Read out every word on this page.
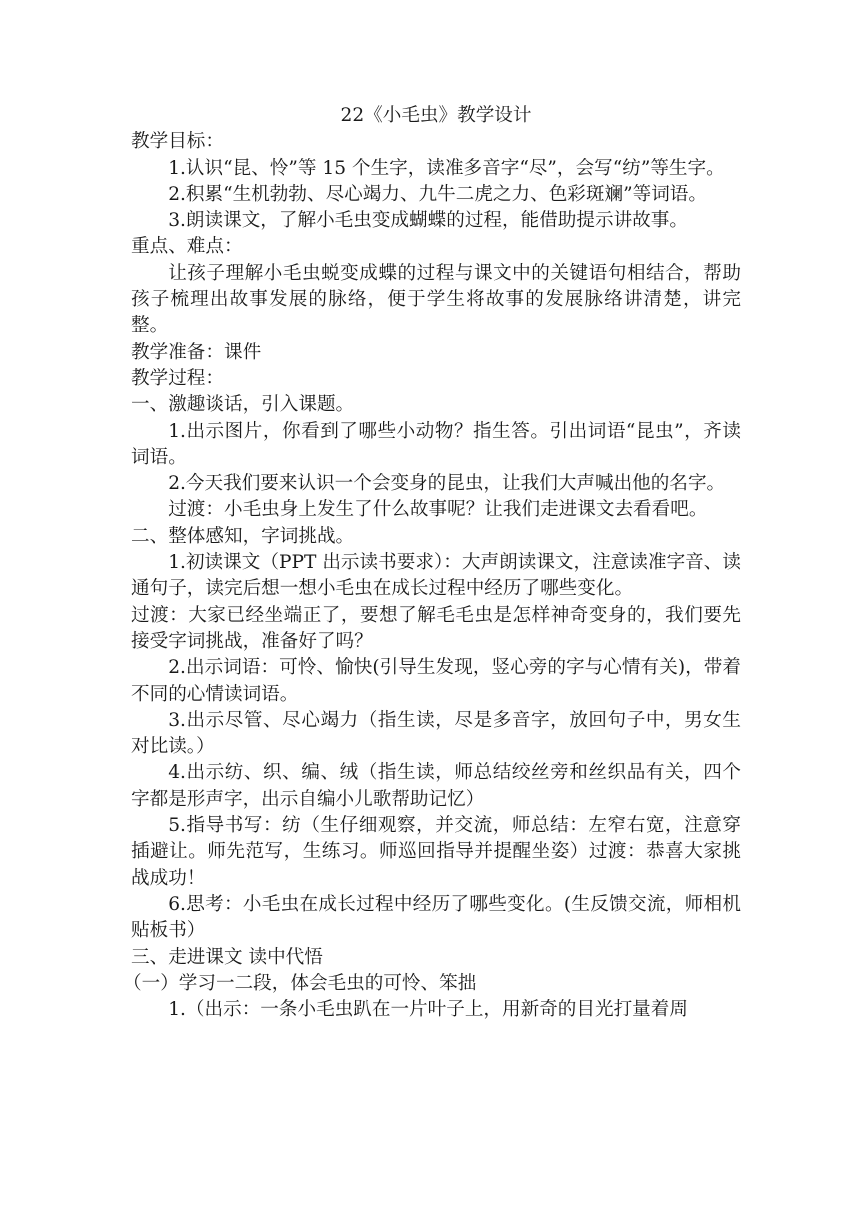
22《小毛虫》教学设计
教学目标：
1.认识“昆、怜”等 15 个生字，读准多音字“尽”，会写“纺”等生字。
2.积累“生机勃勃、尽心竭力、九牛二虎之力、色彩斑斓”等词语。
3.朗读课文，了解小毛虫变成蝴蝶的过程，能借助提示讲故事。
重点、难点：
让孩子理解小毛虫蜕变成蝶的过程与课文中的关键语句相结合，帮助孩子梳理出故事发展的脉络，便于学生将故事的发展脉络讲清楚，讲完整。
教学准备：课件
教学过程：
一、激趣谈话，引入课题。
1.出示图片，你看到了哪些小动物？指生答。引出词语“昆虫”，齐读词语。
2.今天我们要来认识一个会变身的昆虫，让我们大声喊出他的名字。
过渡：小毛虫身上发生了什么故事呢？让我们走进课文去看看吧。
二、整体感知，字词挑战。
1.初读课文（PPT 出示读书要求）：大声朗读课文，注意读准字音、读通句子，读完后想一想小毛虫在成长过程中经历了哪些变化。
过渡：大家已经坐端正了，要想了解毛毛虫是怎样神奇变身的，我们要先接受字词挑战，准备好了吗？
2.出示词语：可怜、愉快(引导生发现，竖心旁的字与心情有关)，带着不同的心情读词语。
3.出示尽管、尽心竭力（指生读，尽是多音字，放回句子中，男女生对比读。）
4.出示纺、织、编、绒（指生读，师总结绞丝旁和丝织品有关，四个字都是形声字，出示自编小儿歌帮助记忆）
5.指导书写：纺（生仔细观察，并交流，师总结：左窄右宽，注意穿插避让。师先范写，生练习。师巡回指导并提醒坐姿）过渡：恭喜大家挑战成功！
6.思考：小毛虫在成长过程中经历了哪些变化。(生反馈交流，师相机贴板书）
三、走进课文 读中代悟
（一）学习一二段，体会毛虫的可怜、笨拙
1.（出示：一条小毛虫趴在一片叶子上，用新奇的目光打量着周
